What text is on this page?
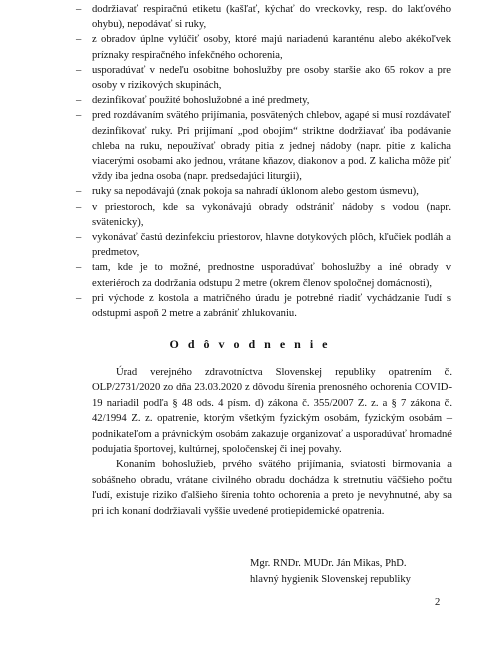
–	dodržiavať respiračnú etiketu (kašľať, kýchať do vreckovky, resp. do lakťového ohybu), nepodávať si ruky,
–	z obradov úplne vylúčiť osoby, ktoré majú nariadenú karanténu alebo akékoľvek príznaky respiračného infekčného ochorenia,
–	usporadúvať v nedeľu osobitne bohoslužby pre osoby staršie ako 65 rokov a pre osoby v rizikových skupinách,
–	dezinfikovať použité bohoslužobné a iné predmety,
–	pred rozdávaním svätého prijímania, posvätených chlebov, agapé si musí rozdávateľ dezinfikovať ruky. Pri prijímaní „pod obojím“ striktne dodržiavať iba podávanie chleba na ruku, nepoužívať obrady pitia z jednej nádoby (napr. pitie z kalicha viacerými osobami ako jednou, vrátane kňazov, diakonov a pod. Z kalicha môže piť vždy iba jedna osoba (napr. predsedajúci liturgii),
–	ruky sa nepodávajú (znak pokoja sa nahradí úklonom alebo gestom úsmevu),
–	v priestoroch, kde sa vykonávajú obrady odstrániť nádoby s vodou (napr. svätenicky),
–	vykonávať častú dezinfekciu priestorov, hlavne dotykových plôch, kľučiek podláh a predmetov,
–	tam, kde je to možné, prednostne usporadúvať bohoslužby a iné obrady v exteriéroch za dodržania odstupu 2 metre (okrem členov spoločnej domácnosti),
–	pri východe z kostola a matričného úradu je potrebné riadiť vychádzanie ľudí s odstupmi aspoň 2 metre a zabrániť zhlukovaniu.
O d ô v o d n e n i e

Úrad verejného zdravotníctva Slovenskej republiky opatrením č. OLP/2731/2020 zo dňa 23.03.2020 z dôvodu šírenia prenosného ochorenia COVID-19 nariadil podľa § 48 ods. 4 písm. d) zákona č. 355/2007 Z. z. a § 7 zákona č. 42/1994 Z. z. opatrenie, ktorým všetkým fyzickým osobám, fyzickým osobám – podnikateľom a právnickým osobám zakazuje organizovať a usporadúvať hromadné podujatia športovej, kultúrnej, spoločenskej či inej povahy.

Konaním bohoslužieb, prvého svätého prijímania, sviatosti birmovania a sobášneho obradu, vrátane civilného obradu dochádza k stretnutiu väčšieho počtu ľudí, existuje riziko ďalšieho šírenia tohto ochorenia a preto je nevyhnutné, aby sa pri ich konaní dodržiavali vyššie uvedené protiepidemické opatrenia.

Mgr. RNDr. MUDr. Ján Mikas, PhD.
hlavný hygienik Slovenskej republiky
2
